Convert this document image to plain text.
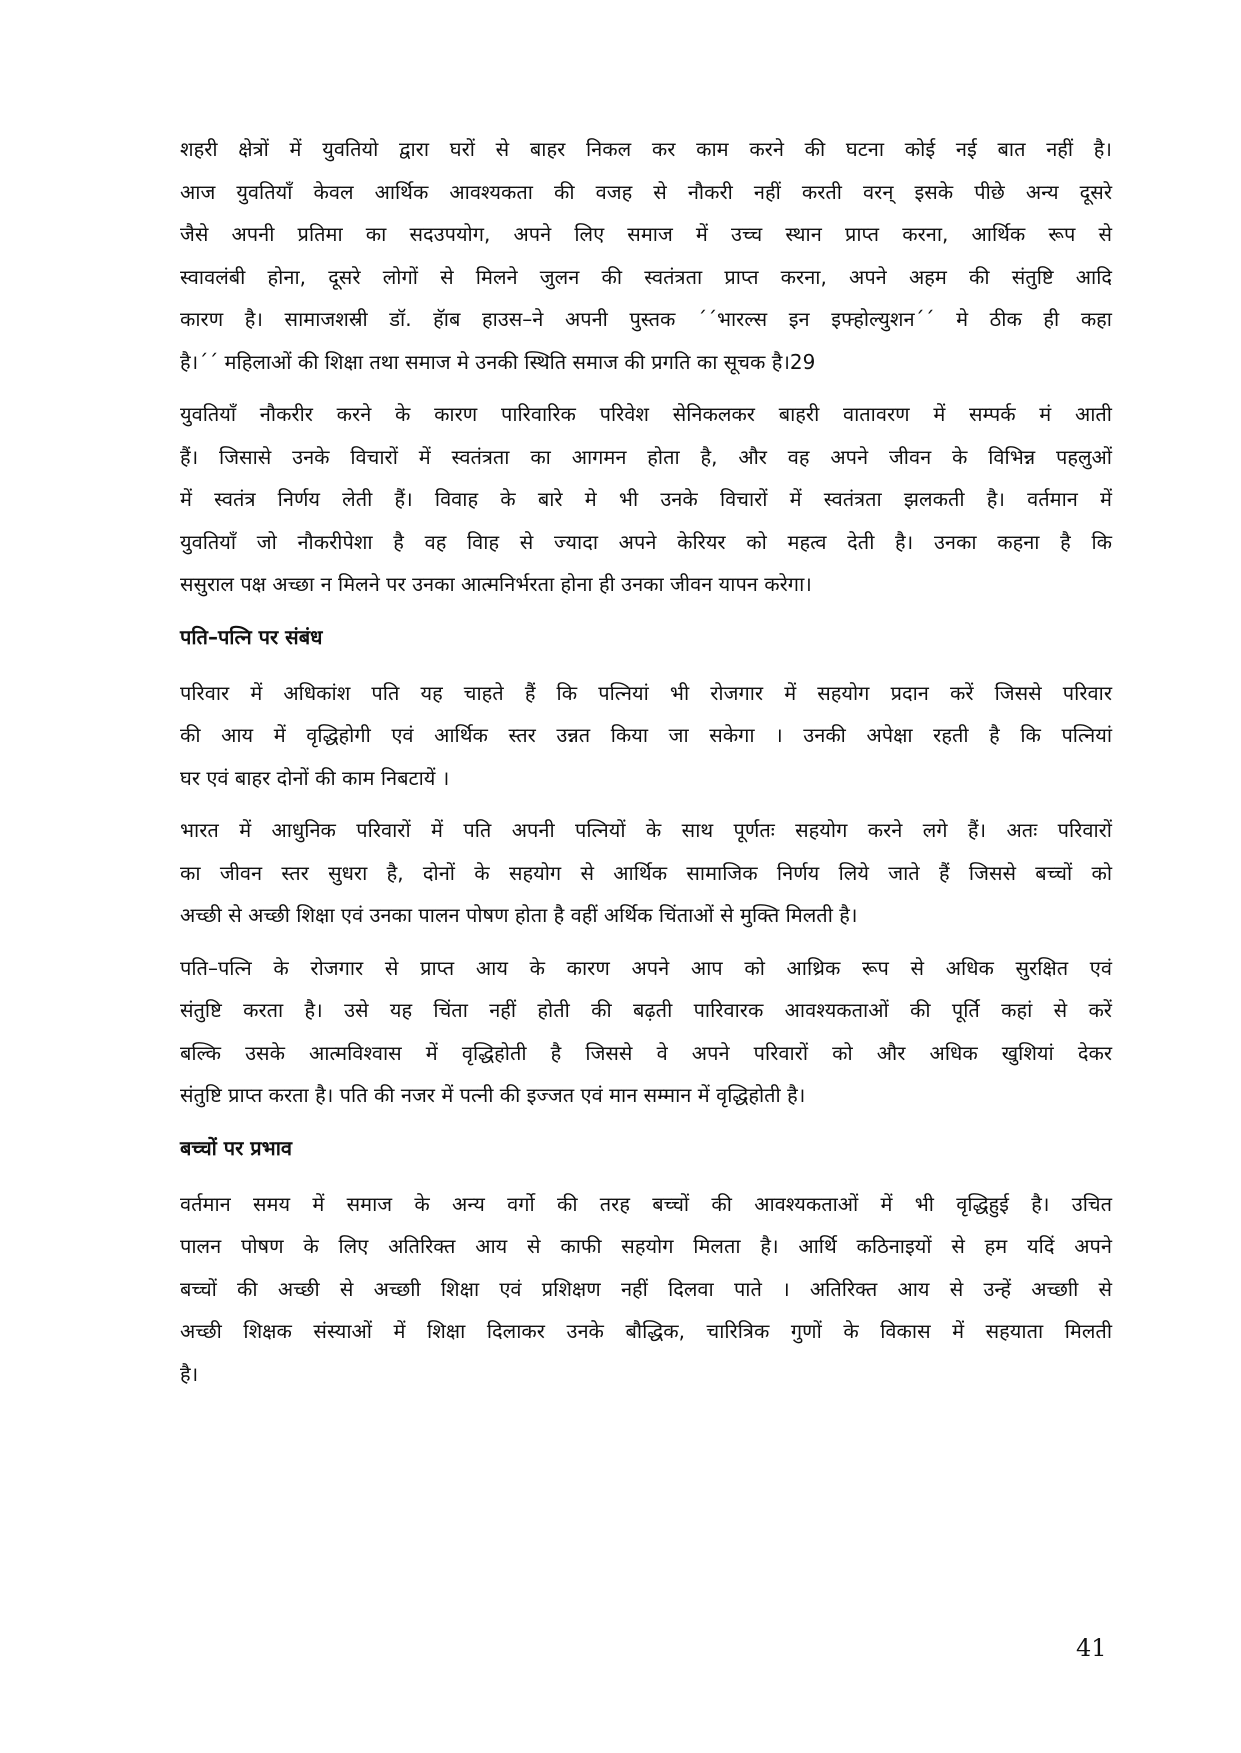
शहरी क्षेत्रों में युवतियो द्वारा घरों से बाहर निकल कर काम करने की घटना कोई नई बात नहीं है।
आज युवतियाँ केवल आर्थिक आवश्यकता की वजह से नौकरी नहीं करती वरन् इसके पीछे अन्य दूसरे
जैसे अपनी प्रतिमा का सदउपयोग, अपने लिए समाज में उच्च स्थान प्राप्त करना, आर्थिक रूप से
स्वावलंबी होना, दूसरे लोगों से मिलने जुलन की स्वतंत्रता प्राप्त करना, अपने अहम की संतुष्टि आदि
कारण है। सामाजशस्री डॉ. हॅाब हाउस–ने अपनी पुस्तक ´´भारल्स इन इफ्होल्युशन´´ मे ठीक ही कहा
है।´´ महिलाओं की शिक्षा तथा समाज मे उनकी स्थिति समाज की प्रगति का सूचक है।29
युवतियाँ नौकरीर करने के कारण पारिवारिक परिवेश सेनिकलकर बाहरी वातावरण में सम्पर्क मं आती
हैं। जिसासे उनके विचारों में स्वतंत्रता का आगमन होता है, और वह अपने जीवन के विभिन्न पहलुओं
में स्वतंत्र निर्णय लेती हैं। विवाह के बारे मे भी उनके विचारों में स्वतंत्रता झलकती है। वर्तमान में
युवतियाँ जो नौकरीपेशा है वह विाह से ज्यादा अपने केरियर को महत्व देती है। उनका कहना है कि
ससुराल पक्ष अच्छा न मिलने पर उनका आत्मनिर्भरता होना ही उनका जीवन यापन करेगा।
पति–पत्नि पर संबंध
परिवार में अधिकांश पति यह चाहते हैं कि पत्नियां भी रोजगार में सहयोग प्रदान करें जिससे परिवार
की आय में वृद्धिहोगी एवं आर्थिक स्तर उन्नत किया जा सकेगा । उनकी अपेक्षा रहती है कि पत्नियां
घर एवं बाहर दोनों की काम निबटायें ।
भारत में आधुनिक परिवारों में पति अपनी पत्नियों के साथ पूर्णतः सहयोग करने लगे हैं। अतः परिवारों
का जीवन स्तर सुधरा है, दोनों के सहयोग से आर्थिक सामाजिक निर्णय लिये जाते हैं जिससे बच्चों को
अच्छी से अच्छी शिक्षा एवं उनका पालन पोषण होता है वहीं अर्थिक चिंताओं से मुक्ति मिलती है।
पति–पत्नि के रोजगार से प्राप्त आय के कारण अपने आप को आथ्रिक रूप से अधिक सुरक्षित एवं
संतुष्टि करता है। उसे यह चिंता नहीं होती की बढ़ती पारिवारक आवश्यकताओं की पूर्ति कहां से करें
बल्कि उसके आत्मविश्वास में वृद्धिहोती है जिससे वे अपने परिवारों को और अधिक खुशियां देकर
संतुष्टि प्राप्त करता है। पति की नजर में पत्नी की इज्जत एवं मान सम्मान में वृद्धिहोती है।
बच्चों पर प्रभाव
वर्तमान समय में समाज के अन्य वर्गो की तरह बच्चों की आवश्यकताओं में भी वृद्धिहुई है। उचित
पालन पोषण के लिए अतिरिक्त आय से काफी सहयोग मिलता है। आर्थि कठिनाइयों से हम यदिं अपने
बच्चों की अच्छी से अच्छाी शिक्षा एवं प्रशिक्षण नहीं दिलवा पाते । अतिरिक्त आय से उन्हें अच्छाी से
अच्छी शिक्षक संस्याओं में शिक्षा दिलाकर उनके बौद्धिक, चारित्रिक गुणों के विकास में सहयाता मिलती
है।
41
